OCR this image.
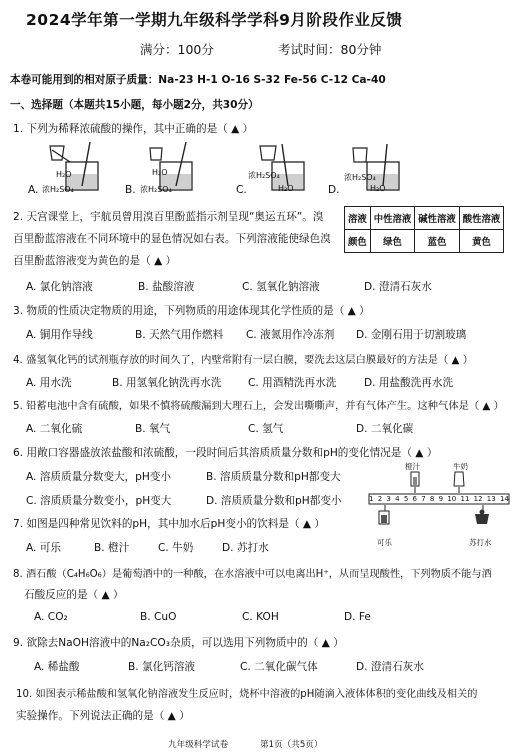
2024学年第一学期九年级科学学科9月阶段作业反馈
满分：100分	考试时间：80分钟
本卷可能用到的相对原子质量：Na-23 H-1 O-16 S-32 Fe-56 C-12 Ca-40
一、选择题（本题共15小题，每小题2分，共30分）
1. 下列为稀释浓硫酸的操作，其中正确的是（ ▲ ）
H₂O
A. 浓H₂SO₄
H₂O
B. 浓H₂SO₄
浓H₂SO₄
C.	H₂O
浓H₂SO₄
D.	H₂O
2. 天宫课堂上，宇航员曾用溴百里酚蓝指示剂呈现“奥运五环”。溴
百里酚蓝溶液在不同环境中的显色情况如右表。下列溶液能使绿色溴
百里酚蓝溶液变为黄色的是（ ▲ ）
溶液	中性溶液	碱性溶液	酸性溶液
颜色	绿色	蓝色	黄色
A. 氯化钠溶液	B. 盐酸溶液	C. 氢氧化钠溶液	D. 澄清石灰水
3. 物质的性质决定物质的用途，下列物质的用途体现其化学性质的是（ ▲ ）
A. 铜用作导线	B. 天然气用作燃料 C. 液氮用作冷冻剂 D. 金刚石用于切割玻璃
4. 盛氢氧化钙的试剂瓶存放的时间久了，内壁常附有一层白膜，要洗去这层白膜最好的方法是（ ▲ ）
A. 用水洗	B. 用氢氧化钠洗再水洗	C. 用酒精洗再水洗	D. 用盐酸洗再水洗
5. 铅蓄电池中含有硫酸，如果不慎将硫酸漏到大理石上，会发出嘶嘶声，并有气体产生。这种气体是（ ▲ ）
A. 二氧化硫	B. 氧气	C. 氢气	D. 二氧化碳
6. 用敞口容器盛放浓盐酸和浓硫酸，一段时间后其溶质质量分数和pH的变化情况是（ ▲ ）
A. 溶质质量分数变大，pH变小	B. 溶质质量分数和pH都变大
C. 溶质质量分数变小，pH变大	D. 溶质质量分数和pH都变小
橙汁	牛奶
1 2 3 4 5 6 7 8 9 10 11 12 13 14
可乐	苏打水
7. 如图是四种常见饮料的pH，其中加水后pH变小的饮料是（ ▲ ）
A. 可乐	B. 橙汁	C. 牛奶	D. 苏打水
8. 酒石酸（C₄H₆O₆）是葡萄酒中的一种酸，在水溶液中可以电离出H⁺，从而呈现酸性，下列物质不能与酒
石酸反应的是（ ▲ ）
A. CO₂	B. CuO	C. KOH	D. Fe
9. 欲除去NaOH溶液中的Na₂CO₃杂质，可以选用下列物质中的（ ▲ ）
A. 稀盐酸	B. 氯化钙溶液	C. 二氧化碳气体	D. 澄清石灰水
10. 如图表示稀盐酸和氢氧化钠溶液发生反应时，烧杯中溶液的pH随滴入液体体积的变化曲线及相关的
实验操作。下列说法正确的是（ ▲ ）
九年级科学试卷	第1页（共5页）
